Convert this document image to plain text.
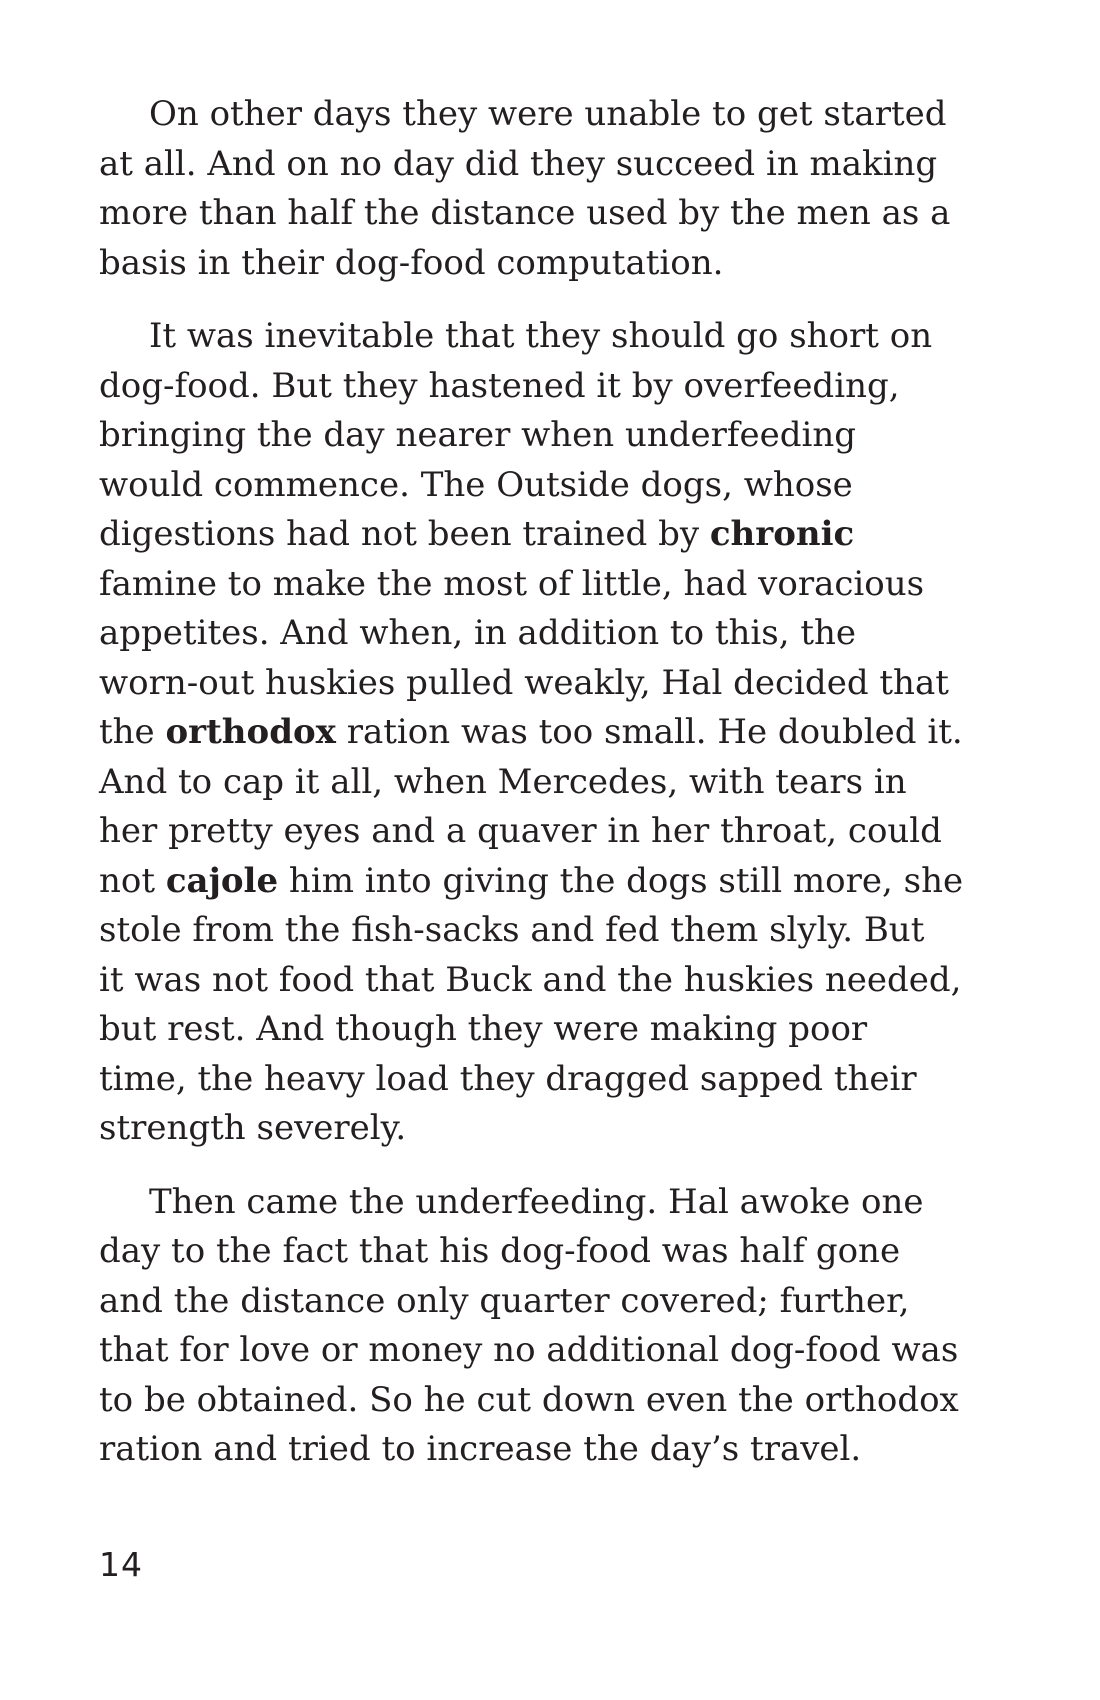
On other days they were unable to get started
at all. And on no day did they succeed in making
more than half the distance used by the men as a
basis in their dog-food computation.

It was inevitable that they should go short on
dog-food. But they hastened it by overfeeding,
bringing the day nearer when underfeeding
would commence. The Outside dogs, whose
digestions had not been trained by chronic
famine to make the most of little, had voracious
appetites. And when, in addition to this, the
worn-out huskies pulled weakly, Hal decided that
the orthodox ration was too small. He doubled it.
And to cap it all, when Mercedes, with tears in
her pretty eyes and a quaver in her throat, could
not cajole him into giving the dogs still more, she
stole from the fish-sacks and fed them slyly. But
it was not food that Buck and the huskies needed,
but rest. And though they were making poor
time, the heavy load they dragged sapped their
strength severely.

Then came the underfeeding. Hal awoke one
day to the fact that his dog-food was half gone
and the distance only quarter covered; further,
that for love or money no additional dog-food was
to be obtained. So he cut down even the orthodox
ration and tried to increase the day’s travel.

14
